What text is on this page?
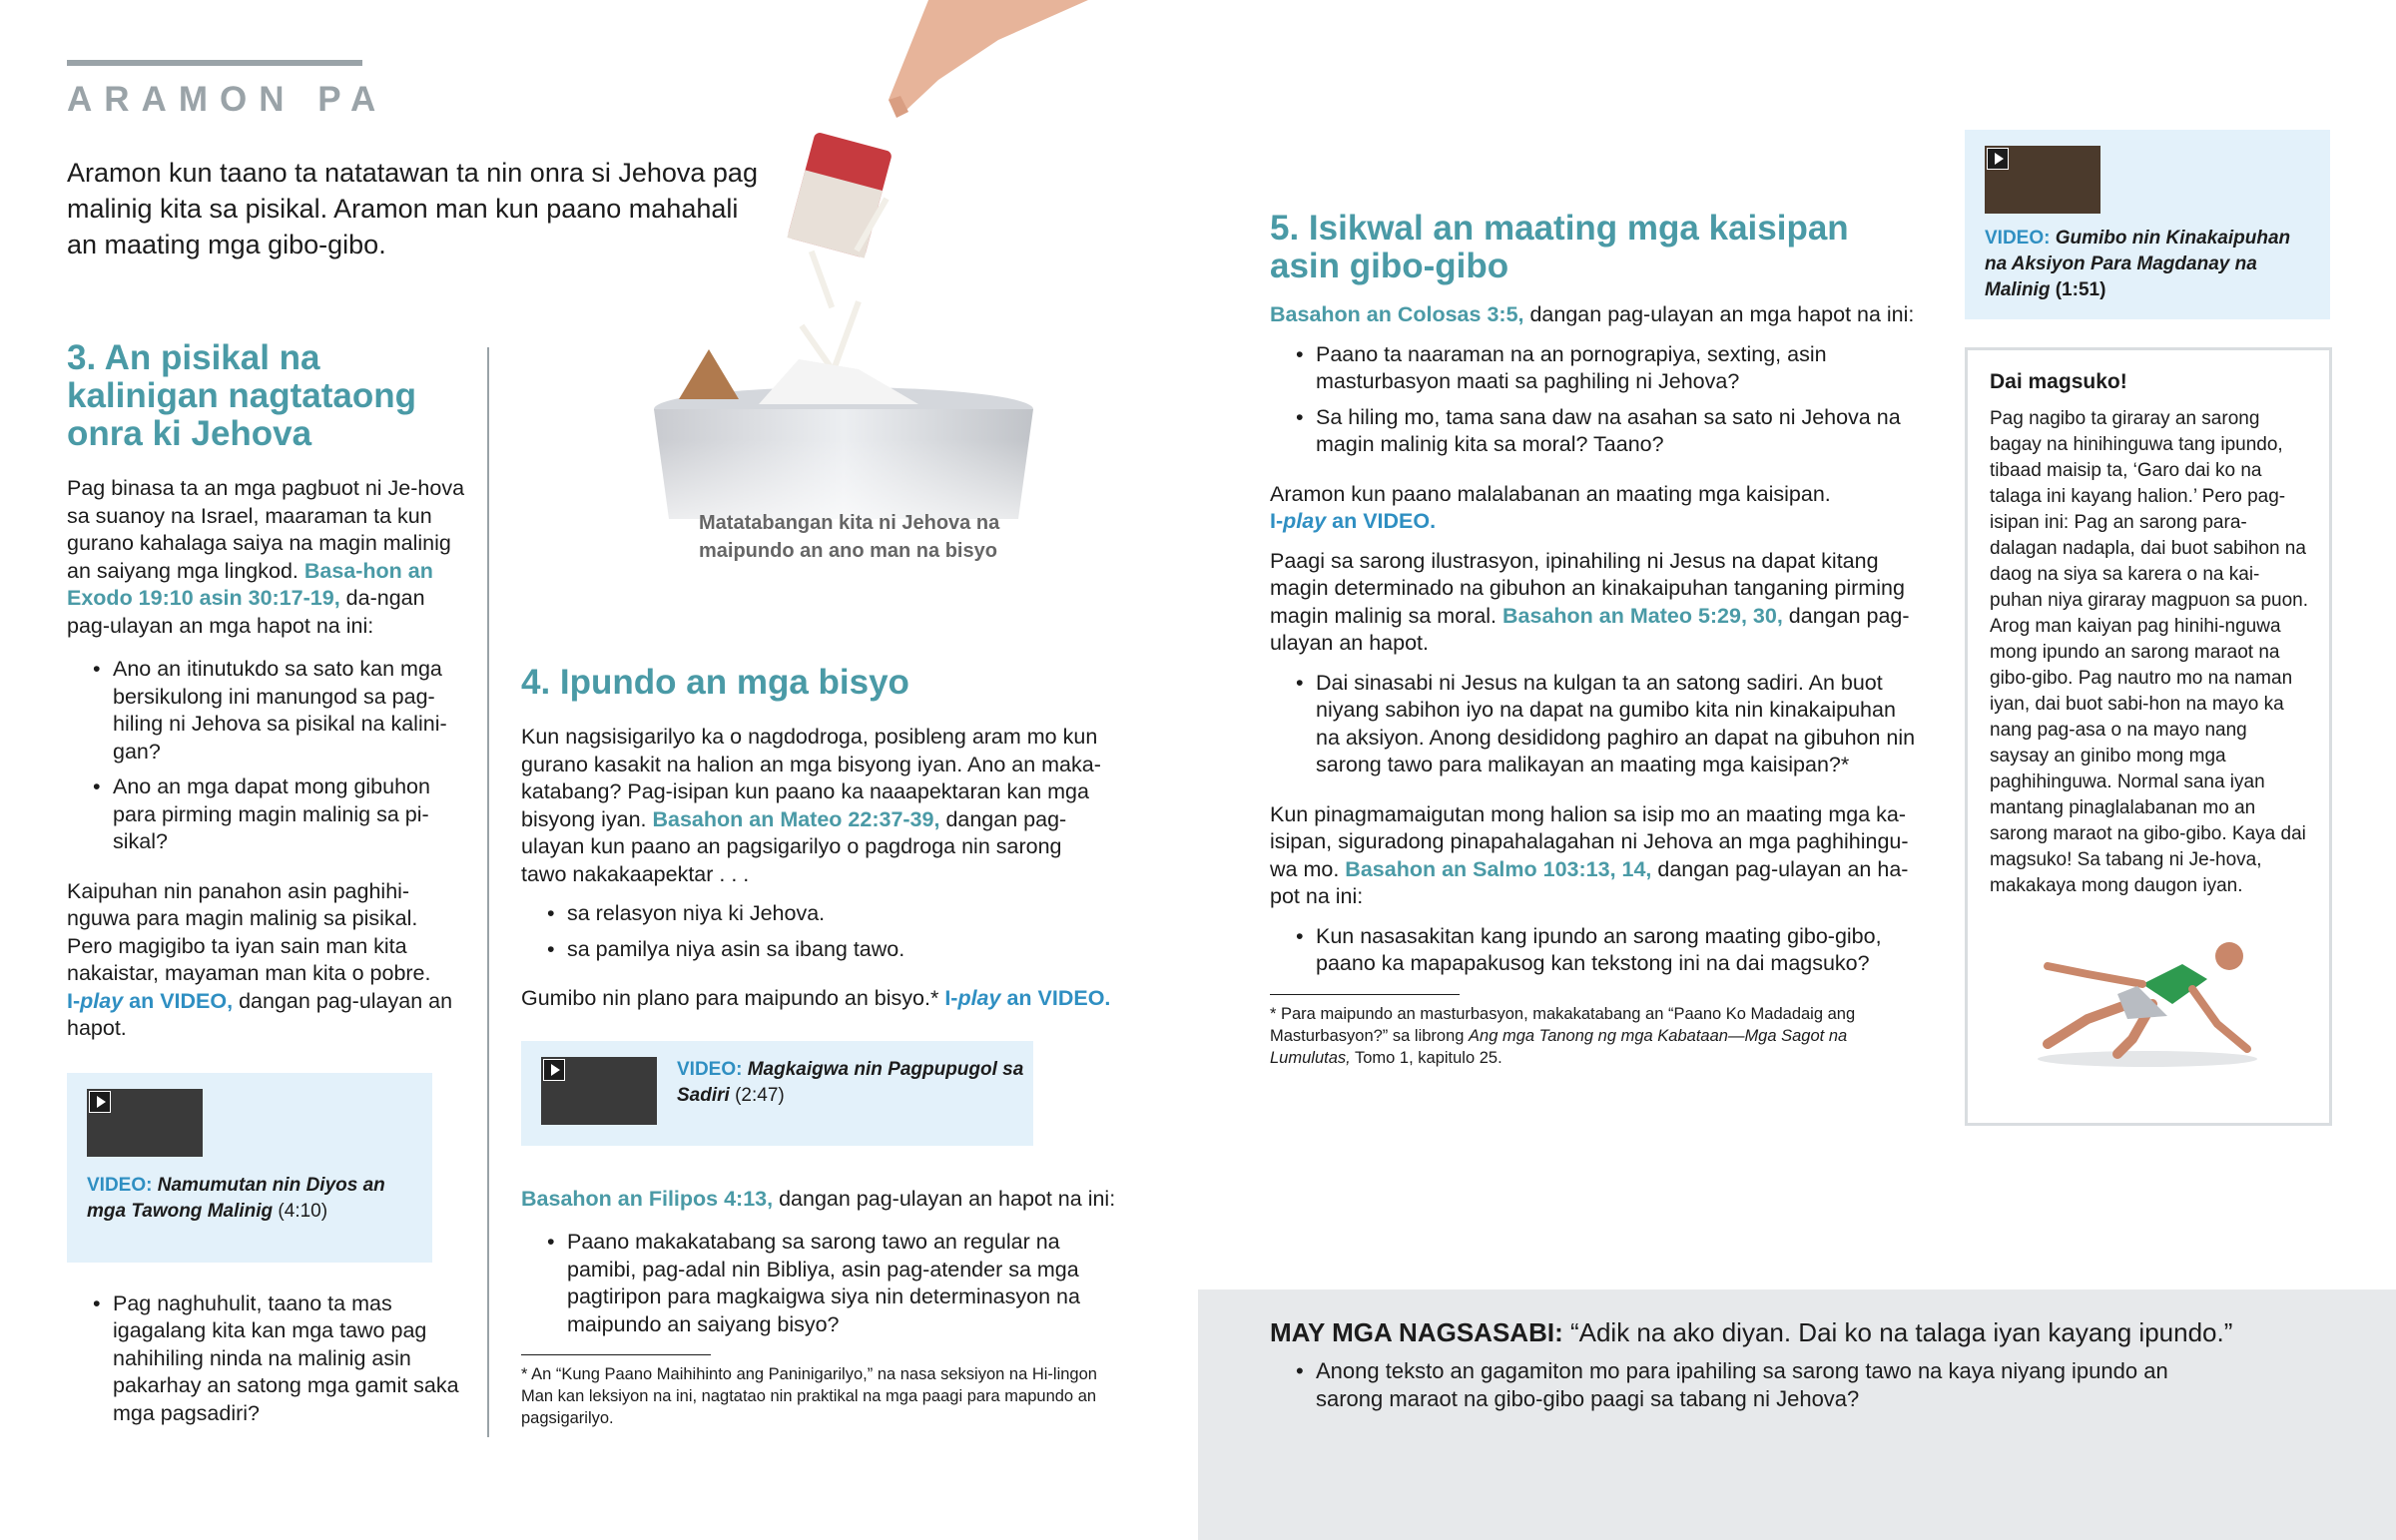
ARAMON PA

Aramon kun taano ta natatawan ta nin onra si Jehova pag malinig kita sa pisikal. Aramon man kun paano mahahali an maating mga gibo-gibo.

Matatabangan kita ni Jehova na maipundo an ano man na bisyo

3. An pisikal na kalinigan nagtataong onra ki Jehova

Pag binasa ta an mga pagbuot ni Je-hova sa suanoy na Israel, maaraman ta kun gurano kahalaga saiya na magin malinig an saiyang mga lingkod. Basa-hon an Exodo 19:10 asin 30:17-19, da-ngan pag-ulayan an mga hapot na ini:

• Ano an itinutukdo sa sato kan mga bersikulong ini manungod sa pag-hiling ni Jehova sa pisikal na kalini-gan?
• Ano an mga dapat mong gibuhon para pirming magin malinig sa pi-sikal?

Kaipuhan nin panahon asin paghihi-nguwa para magin malinig sa pisikal. Pero magigibo ta iyan sain man kita nakaistar, mayaman man kita o pobre.

I-play an VIDEO, dangan pag-ulayan an hapot.

VIDEO: Namumutan nin Diyos an mga Tawong Malinig (4:10)
• Pag naghuhulit, taano ta mas igagalang kita kan mga tawo pag nahihiling ninda na malinig asin pakarhay an satong mga gamit saka mga pagsadiri?
4. Ipundo an mga bisyo

Kun nagsisigarilyo ka o nagdodroga, posibleng aram mo kun gurano kasakit na halion an mga bisyong iyan. Ano an maka-katabang? Pag-isipan kun paano ka naaapektaran kan mga bisyong iyan. Basahon an Mateo 22:37-39, dangan pag-ulayan kun paano an pagsigarilyo o pagdroga nin sarong tawo nakakaapektar . . .

• sa relasyon niya ki Jehova.
• sa pamilya niya asin sa ibang tawo.

Gumibo nin plano para maipundo an bisyo.* I-play an VIDEO.

VIDEO: Magkaigwa nin Pagpupugol sa Sadiri (2:47)

Basahon an Filipos 4:13, dangan pag-ulayan an hapot na ini:

• Paano makakatabang sa sarong tawo an regular na pamibi, pag-adal nin Bibliya, asin pag-atender sa mga pagtiripon para magkaigwa siya nin determinasyon na maipundo an saiyang bisyo?

* An “Kung Paano Maihihinto ang Paninigarilyo,” na nasa seksiyon na Hi-lingon Man kan leksiyon na ini, nagtatao nin praktikal na mga paagi para mapundo an pagsigarilyo.

5. Isikwal an maating mga kaisipan asin gibo-gibo

Basahon an Colosas 3:5, dangan pag-ulayan an mga hapot na ini:

• Paano ta naaraman na an pornograpiya, sexting, asin masturbasyon maati sa paghiling ni Jehova?
• Sa hiling mo, tama sana daw na asahan sa sato ni Jehova na magin malinig kita sa moral? Taano?

Aramon kun paano malalabanan an maating mga kaisipan.

I-play an VIDEO.

Paagi sa sarong ilustrasyon, ipinahiling ni Jesus na dapat kitang magin determinado na gibuhon an kinakaipuhan tanganing pirming magin malinig sa moral. Basahon an Mateo 5:29, 30, dangan pag-ulayan an hapot.

• Dai sinasabi ni Jesus na kulgan ta an satong sadiri. An buot niyang sabihon iyo na dapat na gumibo kita nin kinakaipuhan na aksiyon. Anong desididong paghiro an dapat na gibuhon nin sarong tawo para malikayan an maating mga kaisipan?*

Kun pinagmamaigutan mong halion sa isip mo an maating mga ka-isipan, siguradong pinapahalagahan ni Jehova an mga paghihingu-wa mo. Basahon an Salmo 103:13, 14, dangan pag-ulayan an ha-pot na ini:

• Kun nasasakitan kang ipundo an sarong maating gibo-gibo, paano ka mapapakusog kan tekstong ini na dai magsuko?

* Para maipundo an masturbasyon, makakatabang an “Paano Ko Madadaig ang Masturbasyon?” sa librong Ang mga Tanong ng mga Kabataan—Mga Sagot na Lumulutas, Tomo 1, kapitulo 25.

VIDEO: Gumibo nin Kinakaipuhan na Aksiyon Para Magdanay na Malinig (1:51)
Dai magsuko!

Pag nagibo ta giraray an sarong bagay na hinihinguwa tang ipundo, tibaad maisip ta, ‘Garo dai ko na talaga ini kayang halion.’ Pero pag-isipan ini: Pag an sarong para-dalagan nadapla, dai buot sabihon na daog na siya sa karera o na kai-puhan niya giraray magpuon sa puon. Arog man kaiyan pag hinihi-nguwa mong ipundo an sarong maraot na gibo-gibo. Pag nautro mo na naman iyan, dai buot sabi-hon na mayo ka nang pag-asa o na mayo nang saysay an ginibo mong mga paghihinguwa. Normal sana iyan mantang pinaglalabanan mo an sarong maraot na gibo-gibo. Kaya dai magsuko! Sa tabang ni Je-hova, makakaya mong daugon iyan.

MAY MGA NAGSASABI: “Adik na ako diyan. Dai ko na talaga iyan kayang ipundo.”

• Anong teksto an gagamiton mo para ipahiling sa sarong tawo na kaya niyang ipundo an sarong maraot na gibo-gibo paagi sa tabang ni Jehova?
